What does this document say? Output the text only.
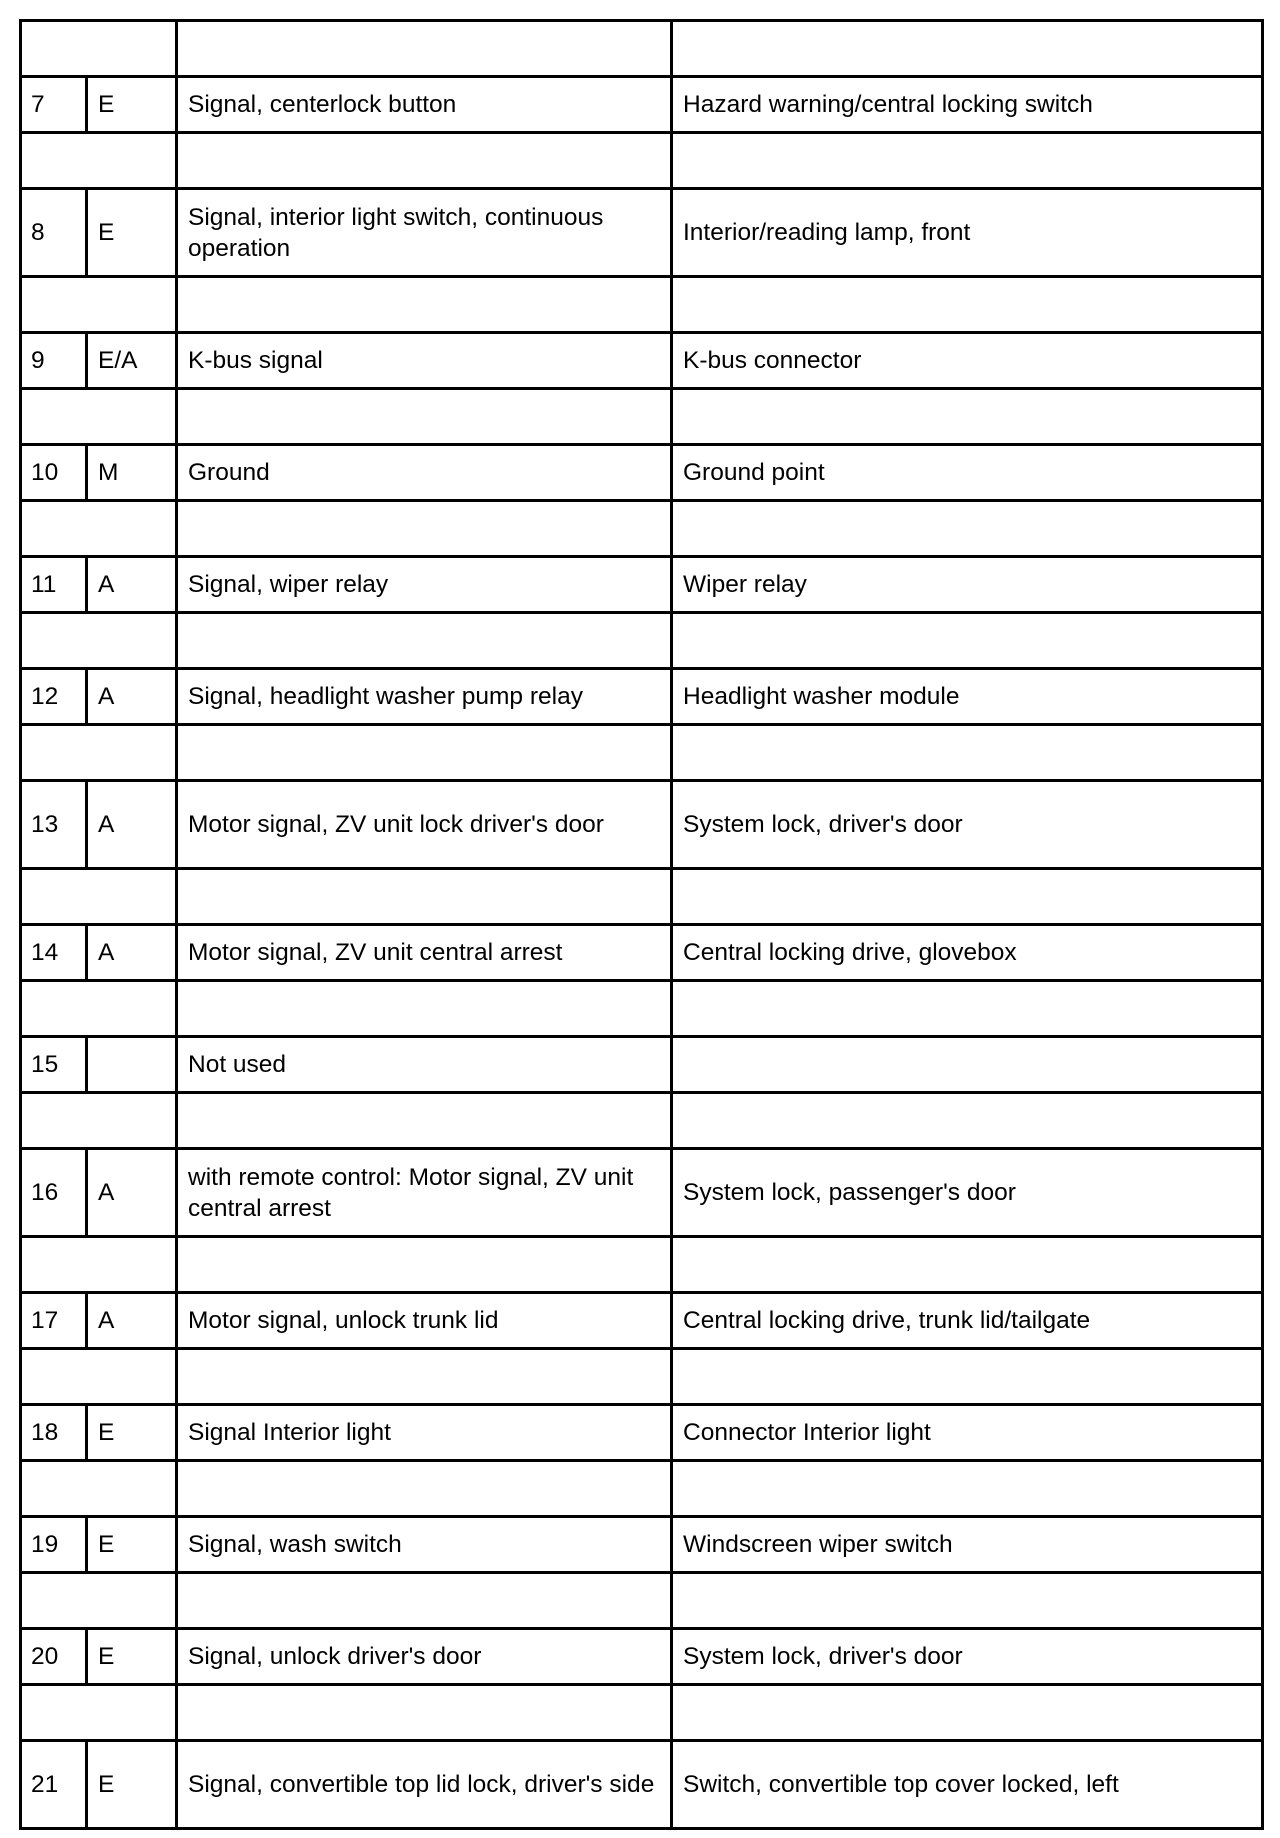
7	E	Signal, centerlock button	Hazard warning/central locking switch

8	E	Signal, interior light switch, continuous operation	Interior/reading lamp, front

9	E/A	K-bus signal	K-bus connector

10	M	Ground	Ground point

11	A	Signal, wiper relay	Wiper relay

12	A	Signal, headlight washer pump relay	Headlight washer module

13	A	Motor signal, ZV unit lock driver's door	System lock, driver's door

14	A	Motor signal, ZV unit central arrest	Central locking drive, glovebox

15		Not used	

16	A	with remote control: Motor signal, ZV unit central arrest	System lock, passenger's door

17	A	Motor signal, unlock trunk lid	Central locking drive, trunk lid/tailgate

18	E	Signal Interior light	Connector Interior light

19	E	Signal, wash switch	Windscreen wiper switch

20	E	Signal, unlock driver's door	System lock, driver's door

21	E	Signal, convertible top lid lock, driver's side	Switch, convertible top cover locked, left
